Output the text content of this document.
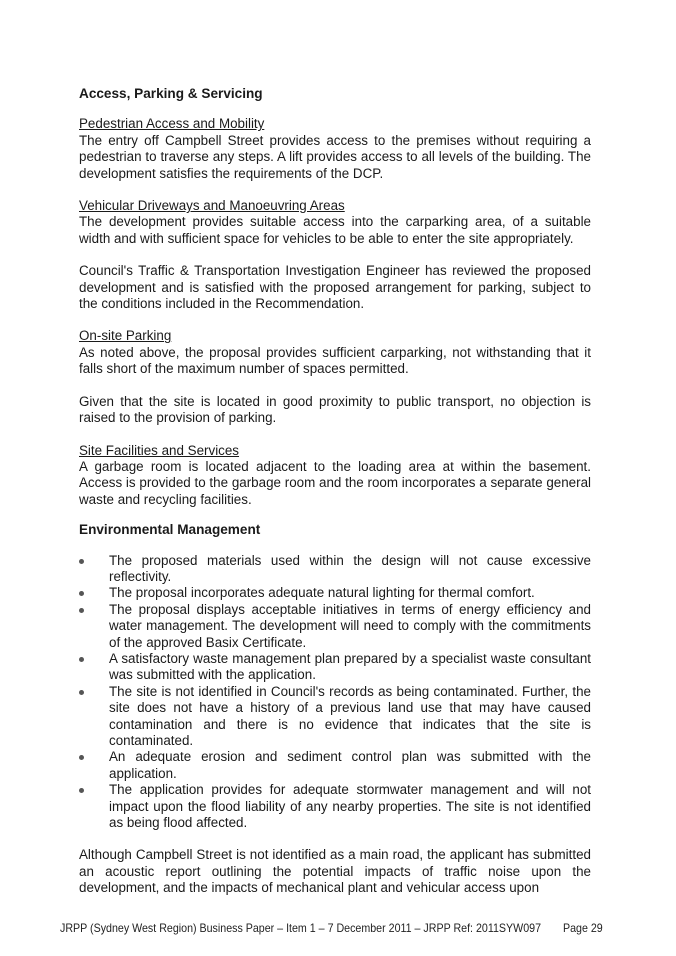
Access, Parking & Servicing

Pedestrian Access and Mobility

The entry off Campbell Street provides access to the premises without requiring a pedestrian to traverse any steps. A lift provides access to all levels of the building. The development satisfies the requirements of the DCP.

Vehicular Driveways and Manoeuvring Areas

The development provides suitable access into the carparking area, of a suitable width and with sufficient space for vehicles to be able to enter the site appropriately.

Council's Traffic & Transportation Investigation Engineer has reviewed the proposed development and is satisfied with the proposed arrangement for parking, subject to the conditions included in the Recommendation.

On-site Parking

As noted above, the proposal provides sufficient carparking, not withstanding that it falls short of the maximum number of spaces permitted.

Given that the site is located in good proximity to public transport, no objection is raised to the provision of parking.

Site Facilities and Services

A garbage room is located adjacent to the loading area at within the basement. Access is provided to the garbage room and the room incorporates a separate general waste and recycling facilities.

Environmental Management
The proposed materials used within the design will not cause excessive reflectivity.
The proposal incorporates adequate natural lighting for thermal comfort.
The proposal displays acceptable initiatives in terms of energy efficiency and water management. The development will need to comply with the commitments of the approved Basix Certificate.
A satisfactory waste management plan prepared by a specialist waste consultant was submitted with the application.
The site is not identified in Council's records as being contaminated. Further, the site does not have a history of a previous land use that may have caused contamination and there is no evidence that indicates that the site is contaminated.
An adequate erosion and sediment control plan was submitted with the application.
The application provides for adequate stormwater management and will not impact upon the flood liability of any nearby properties. The site is not identified as being flood affected.

Although Campbell Street is not identified as a main road, the applicant has submitted an acoustic report outlining the potential impacts of traffic noise upon the development, and the impacts of mechanical plant and vehicular access upon

JRPP (Sydney West Region) Business Paper – Item 1 – 7 December 2011 – JRPP Ref: 2011SYW097	Page 29
